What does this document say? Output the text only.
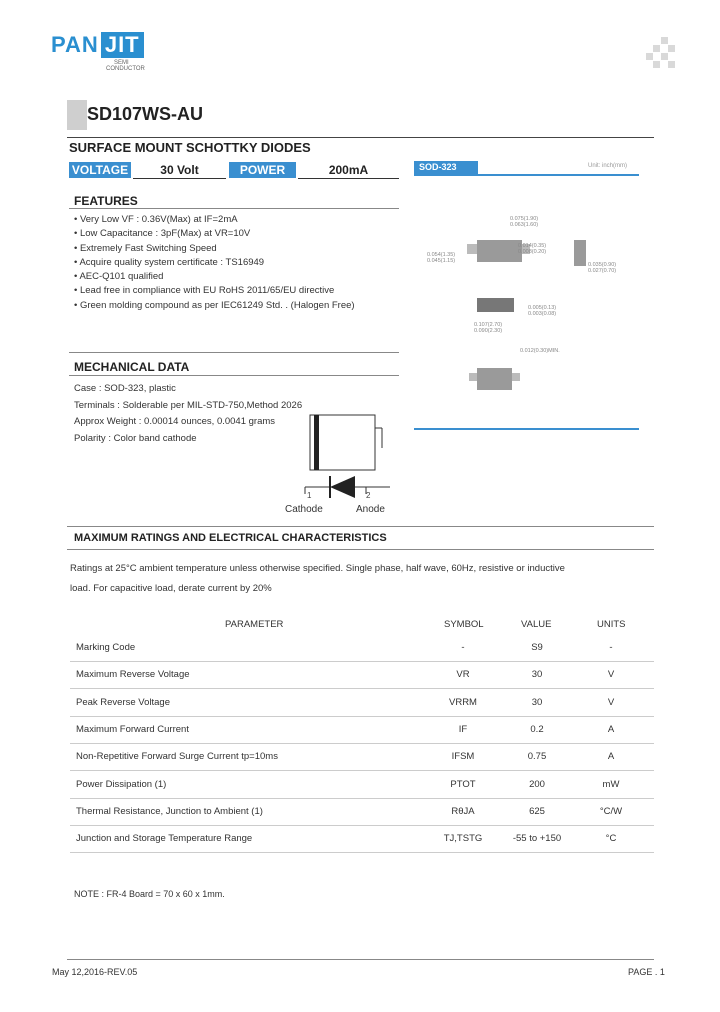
PAN JIT
SEMI
CONDUCTOR
SD107WS-AU
SURFACE MOUNT SCHOTTKY DIODES
VOLTAGE	30 Volt	POWER	200mA
FEATURES
• Very Low VF : 0.36V(Max) at IF=2mA
• Low Capacitance : 3pF(Max) at VR=10V
• Extremely Fast Switching Speed
• Acquire quality system certificate : TS16949
• AEC-Q101 qualified
• Lead free in compliance with EU RoHS 2011/65/EU directive
• Green molding compound as per IEC61249 Std. . (Halogen Free)
MECHANICAL DATA
Case : SOD-323, plastic
Terminals : Solderable per MIL-STD-750,Method 2026
Approx Weight : 0.00014 ounces, 0.0041 grams
Polarity : Color band cathode
1	2
Cathode	Anode
SOD-323	Unit: inch(mm)
0.075(1.90)
0.063(1.60)
0.014(0.35)
0.008(0.20)
0.054(1.35)
0.045(1.15)
0.035(0.90)
0.027(0.70)
0.005(0.13)
0.003(0.08)
0.107(2.70)
0.090(2.30)
0.012(0.30)MIN.
MAXIMUM RATINGS AND ELECTRICAL CHARACTERISTICS
Ratings at 25°C ambient temperature unless otherwise specified. Single phase, half wave, 60Hz, resistive or inductive
load. For capacitive load, derate current by 20%
PARAMETER	SYMBOL	VALUE	UNITS
Marking Code	-	S9	-
Maximum Reverse Voltage	VR	30	V
Peak Reverse Voltage	VRRM	30	V
Maximum Forward Current	IF	0.2	A
Non-Repetitive Forward Surge Current tp=10ms	IFSM	0.75	A
Power Dissipation (1)	PTOT	200	mW
Thermal Resistance, Junction to Ambient (1)	RθJA	625	°C/W
Junction and Storage Temperature Range	TJ,TSTG	-55 to +150	°C
NOTE : FR-4 Board = 70 x 60 x 1mm.
May 12,2016-REV.05	PAGE . 1
